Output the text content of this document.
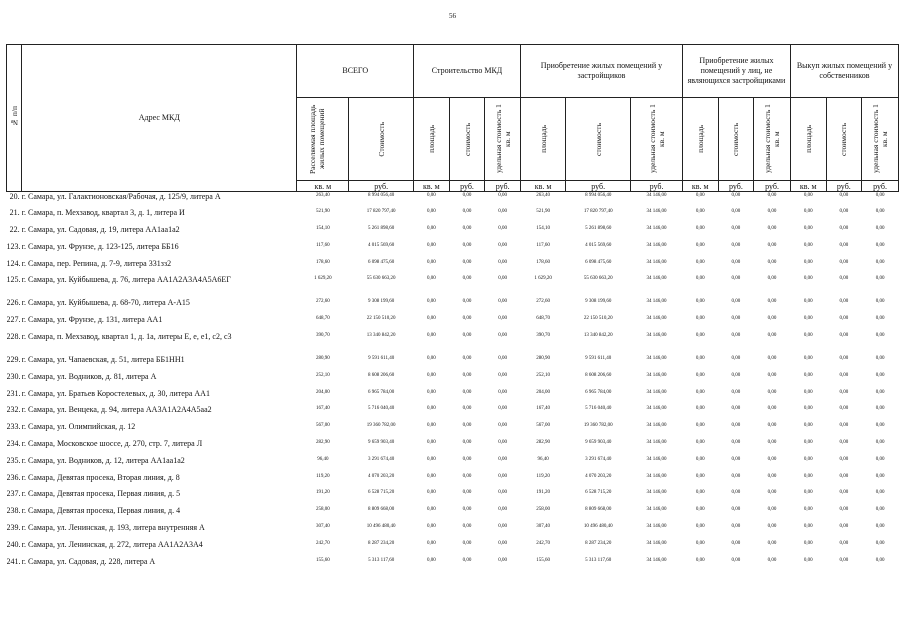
56
№ п/п	Адрес МКД	ВСЕГО		Строительство МКД			Приобретение жилых помещений у застройщиков			Приобретение жилых помещений у лиц, не являющихся застройщиками			Выкуп жилых помещений у собственников		

		Расселяемая площадь жилых помещений	Стоимость	площадь	стоимость	удельная стоимость 1 кв. м	площадь	стоимость	удельная стоимость 1 кв. м	площадь	стоимость	удельная стоимость 1 кв. м	площадь	стоимость	удельная стоимость 1 кв. м

		кв. м	руб.	кв. м	руб.	руб.	кв. м	руб.	руб.	кв. м	руб.	руб.	кв. м	руб.	руб.
20.	г. Самара, ул. Галактионовская/Рабочая, д. 125/9, литера А	263,40	8 994 056,40	0,00	0,00	0,00	263,40	8 994 056,40	34 146,00	0,00	0,00	0,00	0,00	0,00	0,00
21.	г. Самара, п. Мехзавод, квартал 3, д. 1, литера И	521,90	17 820 797,40	0,00	0,00	0,00	521,90	17 820 797,40	34 146,00	0,00	0,00	0,00	0,00	0,00	0,00
22.	г. Самара, ул. Садовая, д. 19, литера АА1аа1а2	154,10	5 261 898,60	0,00	0,00	0,00	154,10	5 261 898,60	34 146,00	0,00	0,00	0,00	0,00	0,00	0,00
123.	г. Самара, ул. Фрунзе, д. 123-125, литера ББ16	117,60	4 015 569,60	0,00	0,00	0,00	117,60	4 015 569,60	34 146,00	0,00	0,00	0,00	0,00	0,00	0,00
124.	г. Самара, пер. Репина, д. 7-9, литера 331зз2	178,60	6 098 475,60	0,00	0,00	0,00	178,60	6 098 475,60	34 146,00	0,00	0,00	0,00	0,00	0,00	0,00
125.	г. Самара, ул. Куйбышева, д. 76, литера АА1А2А3А4А5А6ЕГ	1 629,20	55 630 663,20	0,00	0,00	0,00	1 629,20	55 630 663,20	34 146,00	0,00	0,00	0,00	0,00	0,00	0,00
226.	г. Самара, ул. Куйбышева, д. 68-70, литера А-А15	272,60	9 308 199,60	0,00	0,00	0,00	272,60	9 308 199,60	34 146,00	0,00	0,00	0,00	0,00	0,00	0,00
227.	г. Самара, ул. Фрунзе, д. 131, литера АА1	648,70	22 150 510,20	0,00	0,00	0,00	648,70	22 150 510,20	34 146,00	0,00	0,00	0,00	0,00	0,00	0,00
228.	г. Самара, п. Мехзавод, квартал 1, д. 1а, литеры Е, е, е1, с2, с3	390,70	13 340 842,20	0,00	0,00	0,00	390,70	13 340 842,20	34 146,00	0,00	0,00	0,00	0,00	0,00	0,00
229.	г. Самара, ул. Чапаевская, д. 51, литера ББ1НН1	280,90	9 591 611,40	0,00	0,00	0,00	280,90	9 591 611,40	34 146,00	0,00	0,00	0,00	0,00	0,00	0,00
230.	г. Самара, ул. Водников, д. 81, литера А	252,10	8 608 206,60	0,00	0,00	0,00	252,10	8 608 206,60	34 146,00	0,00	0,00	0,00	0,00	0,00	0,00
231.	г. Самара, ул. Братьев Коростелевых, д. 30, литера АА1	204,00	6 965 784,00	0,00	0,00	0,00	204,00	6 965 784,00	34 146,00	0,00	0,00	0,00	0,00	0,00	0,00
232.	г. Самара, ул. Венцека, д. 94, литера АА3А1А2А4А5аа2	167,40	5 716 040,40	0,00	0,00	0,00	167,40	5 716 040,40	34 146,00	0,00	0,00	0,00	0,00	0,00	0,00
233.	г. Самара, ул. Олимпийская, д. 12	567,00	19 360 782,00	0,00	0,00	0,00	567,00	19 360 782,00	34 146,00	0,00	0,00	0,00	0,00	0,00	0,00
234.	г. Самара, Московское шоссе, д. 270, стр. 7, литера Л	282,90	9 659 903,40	0,00	0,00	0,00	282,90	9 659 903,40	34 146,00	0,00	0,00	0,00	0,00	0,00	0,00
235.	г. Самара, ул. Водников, д. 12, литера АА1аа1а2	96,40	3 291 674,40	0,00	0,00	0,00	96,40	3 291 674,40	34 146,00	0,00	0,00	0,00	0,00	0,00	0,00
236.	г. Самара, Девятая просека, Вторая линия, д. 8	119,20	4 070 203,20	0,00	0,00	0,00	119,20	4 070 203,20	34 146,00	0,00	0,00	0,00	0,00	0,00	0,00
237.	г. Самара, Девятая просека, Первая линия, д. 5	191,20	6 528 715,20	0,00	0,00	0,00	191,20	6 528 715,20	34 146,00	0,00	0,00	0,00	0,00	0,00	0,00
238.	г. Самара, Девятая просека, Первая линия, д. 4	258,00	8 809 668,00	0,00	0,00	0,00	258,00	8 809 668,00	34 146,00	0,00	0,00	0,00	0,00	0,00	0,00
239.	г. Самара, ул. Ленинская, д. 193, литера внутренняя А	307,40	10 496 480,40	0,00	0,00	0,00	307,40	10 496 480,40	34 146,00	0,00	0,00	0,00	0,00	0,00	0,00
240.	г. Самара, ул. Ленинская, д. 272, литера АА1А2А3А4	242,70	8 287 234,20	0,00	0,00	0,00	242,70	8 287 234,20	34 146,00	0,00	0,00	0,00	0,00	0,00	0,00
241.	г. Самара, ул. Садовая, д. 228, литера А	155,60	5 313 117,60	0,00	0,00	0,00	155,60	5 313 117,60	34 146,00	0,00	0,00	0,00	0,00	0,00	0,00
